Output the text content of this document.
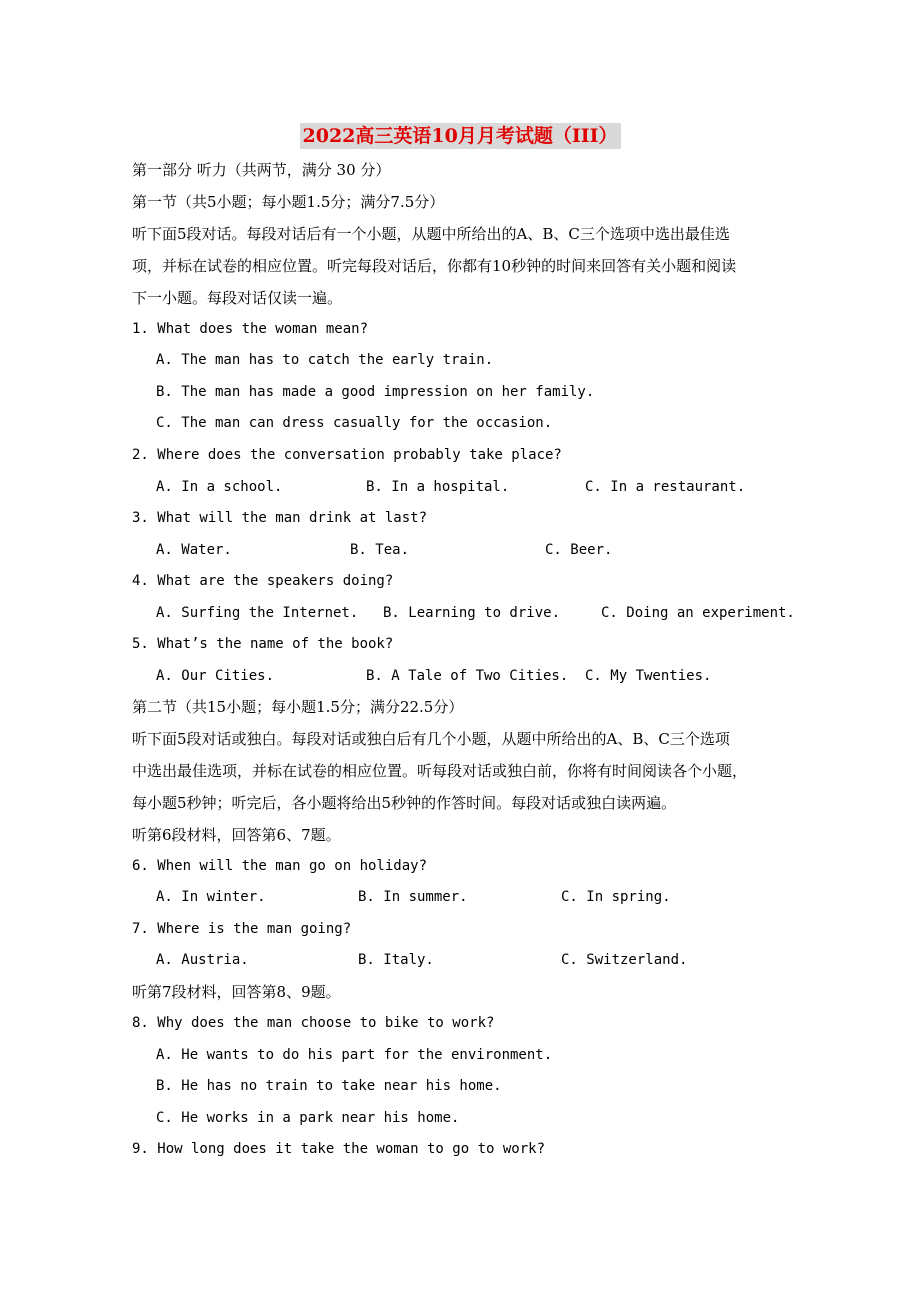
2022高三英语10月月考试题（III）
第一部分 听力（共两节，满分 30 分）
第一节（共5小题；每小题1.5分；满分7.5分）
听下面5段对话。每段对话后有一个小题，从题中所给出的A、B、C三个选项中选出最佳选
项，并标在试卷的相应位置。听完每段对话后，你都有10秒钟的时间来回答有关小题和阅读
下一小题。每段对话仅读一遍。
1. What does the woman mean?
A. The man has to catch the early train.
B. The man has made a good impression on her family.
C. The man can dress casually for the occasion.
2. Where does the conversation probably take place?
A. In a school.	B. In a hospital.	C. In a restaurant.
3. What will the man drink at last?
A. Water.	B. Tea.	C. Beer.
4. What are the speakers doing?
A. Surfing the Internet. B. Learning to drive.	C. Doing an experiment.
5. What’s the name of the book?
A. Our Cities.	B. A Tale of Two Cities. C. My Twenties.
第二节（共15小题；每小题1.5分；满分22.5分）
听下面5段对话或独白。每段对话或独白后有几个小题，从题中所给出的A、B、C三个选项
中选出最佳选项，并标在试卷的相应位置。听每段对话或独白前，你将有时间阅读各个小题，
每小题5秒钟；听完后，各小题将给出5秒钟的作答时间。每段对话或独白读两遍。
听第6段材料，回答第6、7题。
6. When will the man go on holiday?
A. In winter.	B. In summer.	C. In spring.
7. Where is the man going?
A. Austria.	B. Italy.	C. Switzerland.
听第7段材料，回答第8、9题。
8. Why does the man choose to bike to work?
A. He wants to do his part for the environment.
B. He has no train to take near his home.
C. He works in a park near his home.
9. How long does it take the woman to go to work?
